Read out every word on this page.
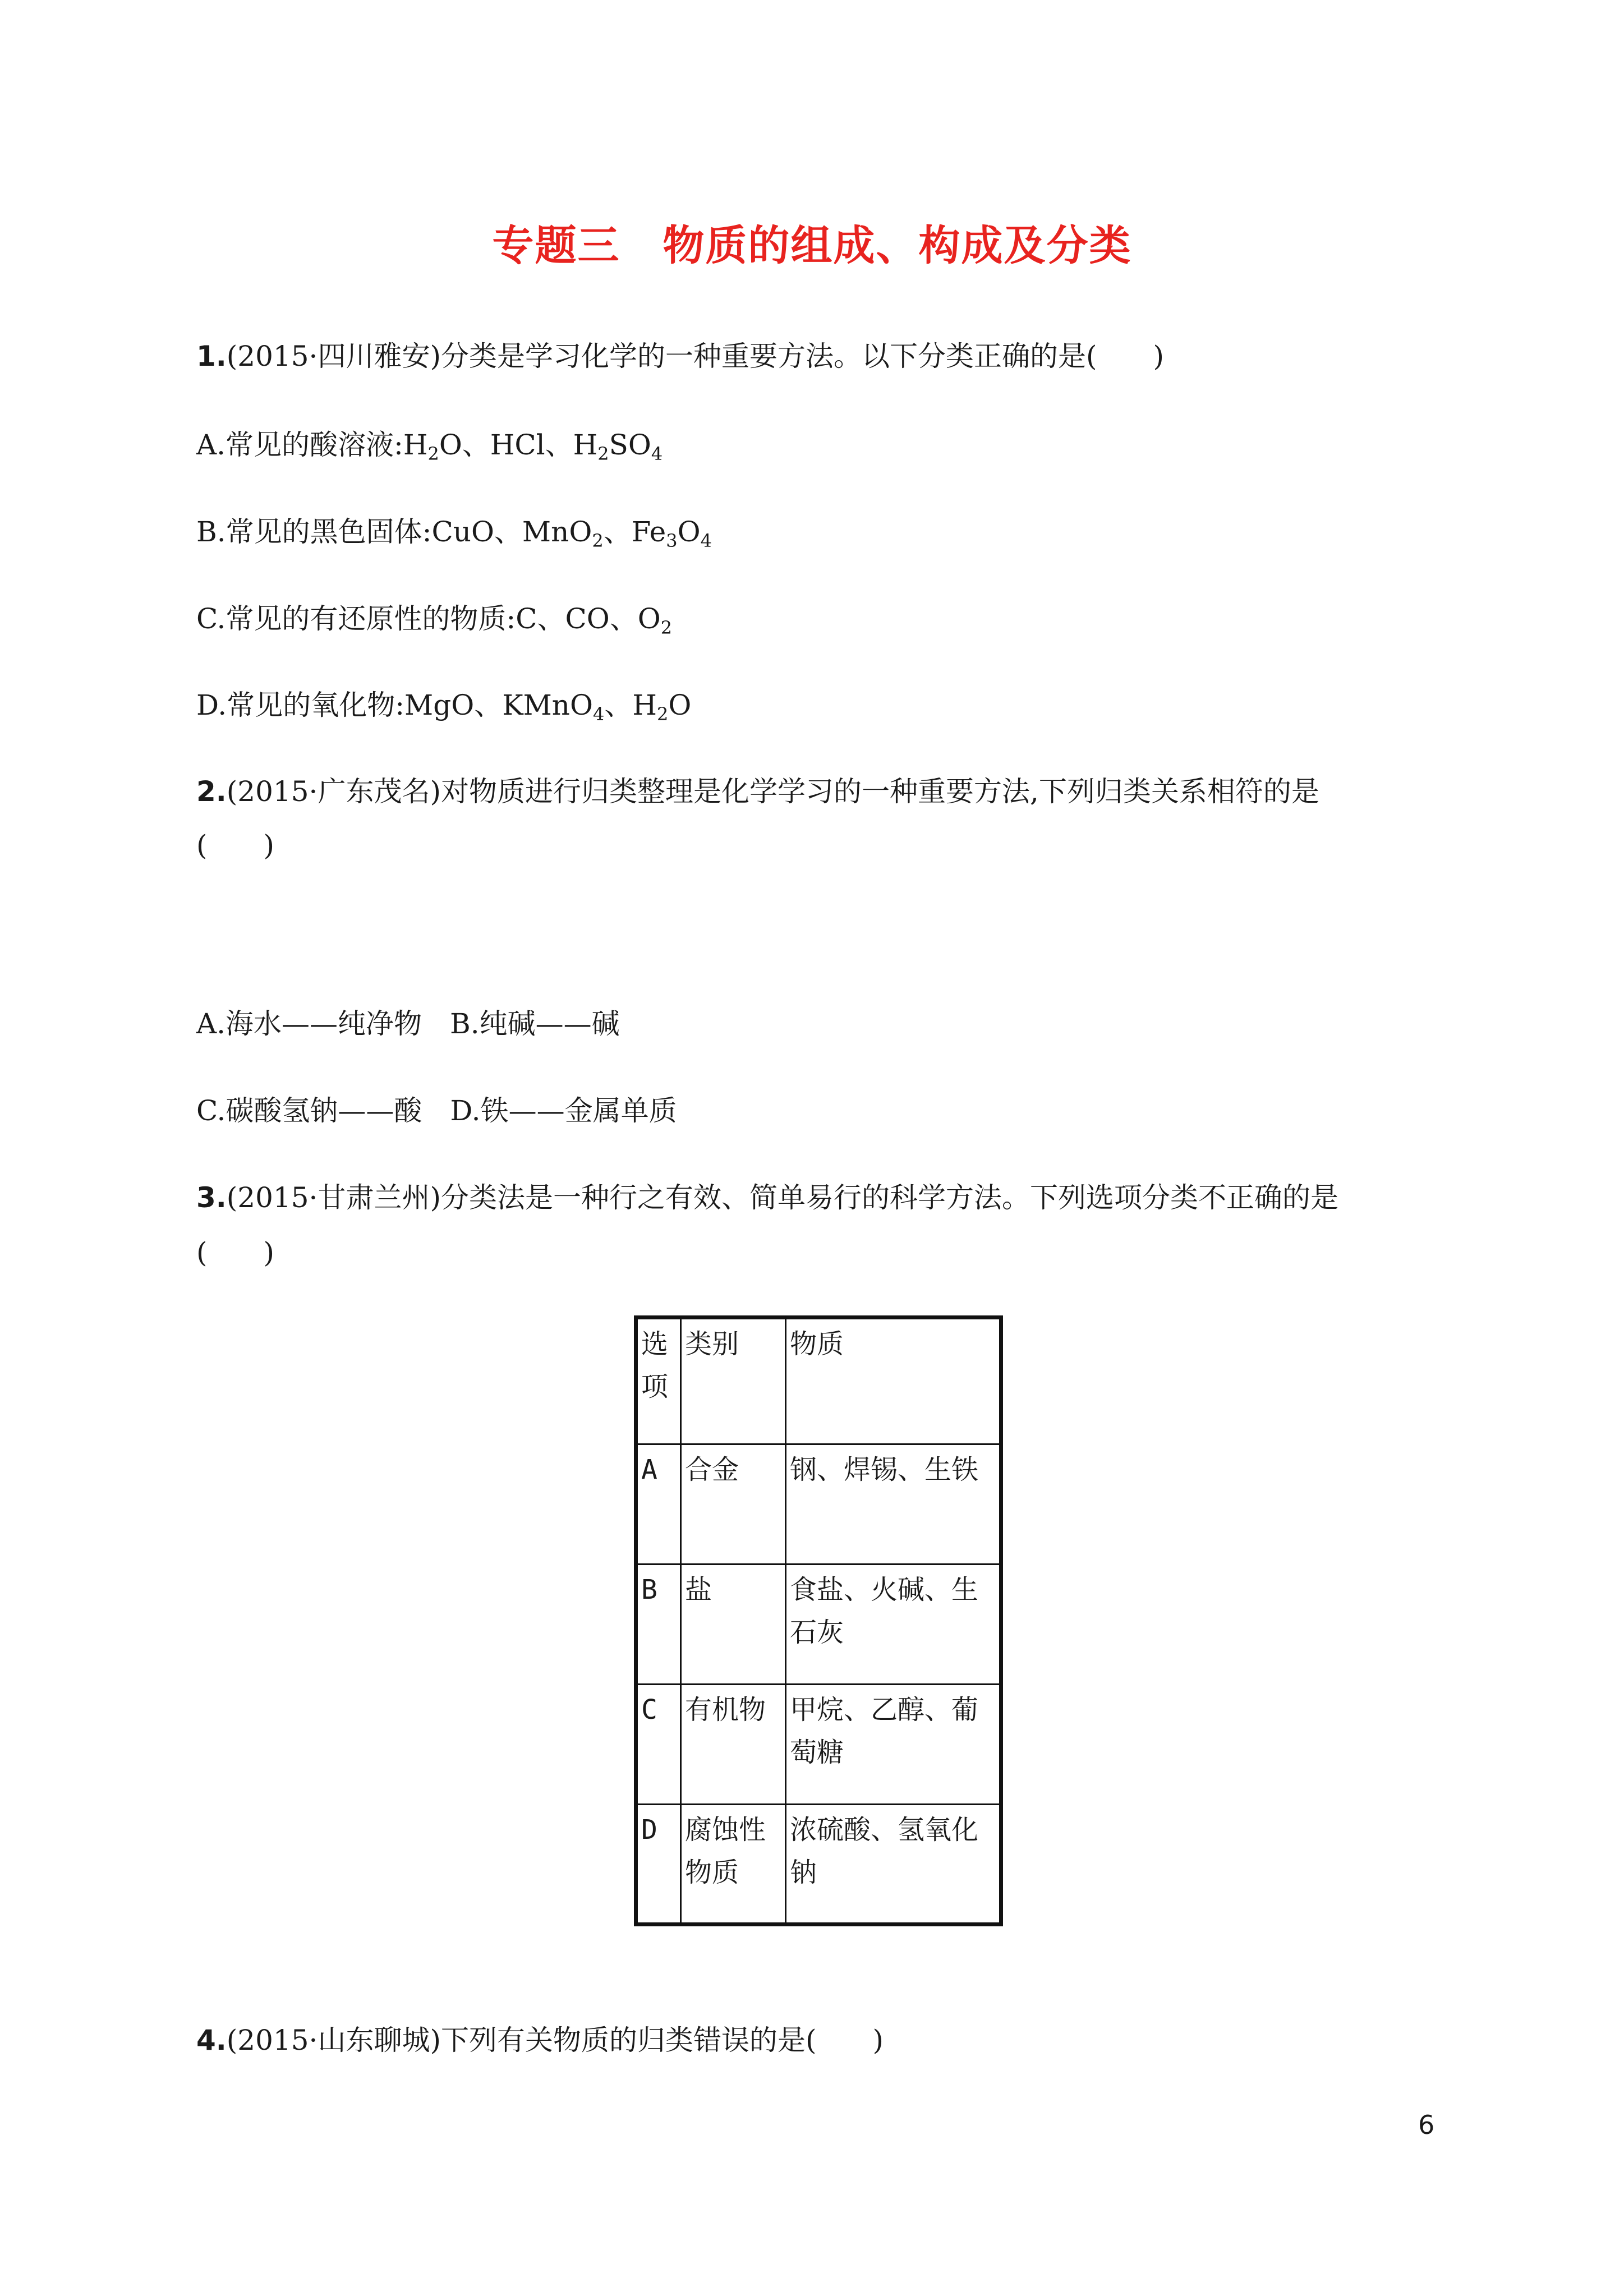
专题三　物质的组成、构成及分类
1.(2015·四川雅安)分类是学习化学的一种重要方法。以下分类正确的是(　　)
A.常见的酸溶液$:H_2O$、HCl、$H_2SO_4$
B.常见的黑色固体:CuO、MnO$_2$、$Fe_3O_4$
C.常见的有还原性的物质:C、CO、$O_2$
D.常见的氧化物:MgO、KMnO$_4$、$H_2O$
2.(2015·广东茂名)对物质进行归类整理是化学学习的一种重要方法,下列归类关系相符的是
(　　)
A.海水——纯净物　B.纯碱——碱
C.碳酸氢钠——酸　D.铁——金属单质
3.(2015·甘肃兰州)分类法是一种行之有效、简单易行的科学方法。下列选项分类不正确的是
(　　)
选项	类别	物质
A	合金	钢、焊锡、生铁
B	盐	食盐、火碱、生石灰
C	有机物	甲烷、乙醇、葡萄糖
D	腐蚀性物质	浓硫酸、氢氧化钠
4.(2015·山东聊城)下列有关物质的归类错误的是(　　)
6
